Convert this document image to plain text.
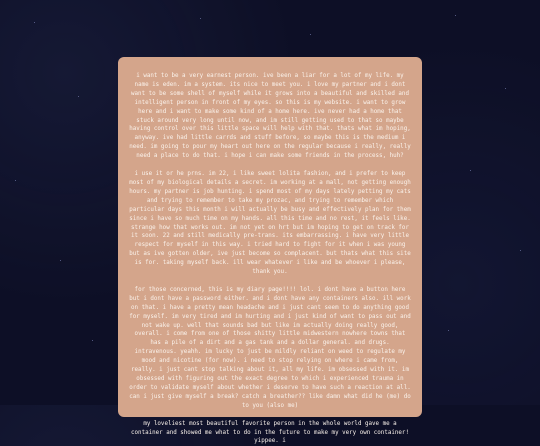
i want to be a very earnest person. ive been a liar for a lot of my life. my name is eden. im a system. its nice to meet you. i love my partner and i dont want to be some shell of myself while it grows into a beautiful and skilled and intelligent person in front of my eyes. so this is my website. i want to grow here and i want to make some kind of a home here. ive never had a home that stuck around very long until now, and im still getting used to that so maybe having control over this little space will help with that. thats what im hoping, anyway. ive had little carrds and stuff before, so maybe this is the medium i need. im going to pour my heart out here on the regular because i really, really need a place to do that. i hope i can make some friends in the process, huh?

i use it or he prns. im 22, i like sweet lolita fashion, and i prefer to keep most of my biological details a secret. im working at a mall, not getting enough hours. my partner is job hunting. i spend most of my days lately petting my cats and trying to remember to take my prozac, and trying to remember which particular days this month i will actually be busy and effectively plan for them since i have so much time on my hands. all this time and no rest, it feels like. strange how that works out. im not yet on hrt but im hoping to get on track for it soon. 22 and still medically pre-trans. its embarrassing. i have very little respect for myself in this way. i tried hard to fight for it when i was young but as ive gotten older, ive just become so complacent. but thats what this site is for. taking myself back. ill wear whatever i like and be whoever i please, thank you.

for those concerned, this is my diary page!!!! lol. i dont have a button here but i dont have a password either. and i dont have any containers also. ill work on that. i have a pretty mean headache and i just cant seem to do anything good for myself. im very tired and im hurting and i just kind of want to pass out and not wake up. well that sounds bad but like im actually doing really good, overall. i come from one of those shitty little midwestern nowhere towns that has a pile of a dirt and a gas tank and a dollar general. and drugs. intravenous. yeahh. im lucky to just be mildly reliant on weed to regulate my mood and nicotine (for now). i need to stop relying on where i came from, really. i just cant stop talking about it, all my life. im obsessed with it. im obsessed with figuring out the exact degree to which i experienced trauma in order to validate myself about whether i deserve to have such a reaction at all. can i just give myself a break? catch a breather?? like damn what did he (me) do to you (also me)

my loveliest most beautiful favorite person in the whole world gave me a container and showed me what to do in the future to make my very own container! yippee. i
